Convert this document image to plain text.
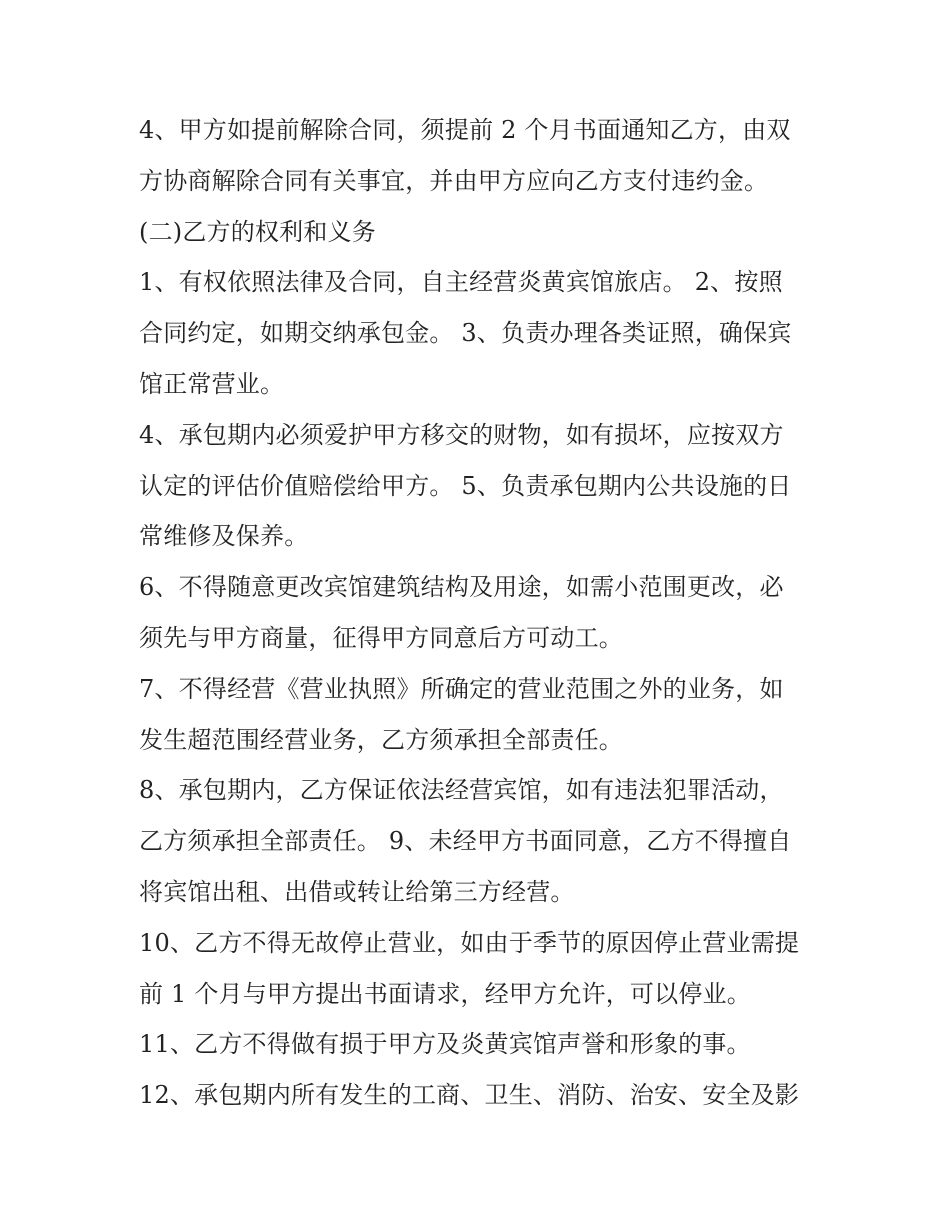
4、甲方如提前解除合同，须提前 2 个月书面通知乙方，由双
方协商解除合同有关事宜，并由甲方应向乙方支付违约金。
(二)乙方的权利和义务
1、有权依照法律及合同，自主经营炎黄宾馆旅店。 2、按照
合同约定，如期交纳承包金。 3、负责办理各类证照，确保宾
馆正常营业。
4、承包期内必须爱护甲方移交的财物，如有损坏，应按双方
认定的评估价值赔偿给甲方。 5、负责承包期内公共设施的日
常维修及保养。
6、不得随意更改宾馆建筑结构及用途，如需小范围更改，必
须先与甲方商量，征得甲方同意后方可动工。
7、不得经营《营业执照》所确定的营业范围之外的业务，如
发生超范围经营业务，乙方须承担全部责任。
8、承包期内，乙方保证依法经营宾馆，如有违法犯罪活动，
乙方须承担全部责任。 9、未经甲方书面同意，乙方不得擅自
将宾馆出租、出借或转让给第三方经营。
10、乙方不得无故停止营业，如由于季节的原因停止营业需提
前 1 个月与甲方提出书面请求，经甲方允许，可以停业。
11、乙方不得做有损于甲方及炎黄宾馆声誉和形象的事。
12、承包期内所有发生的工商、卫生、消防、治安、安全及影
